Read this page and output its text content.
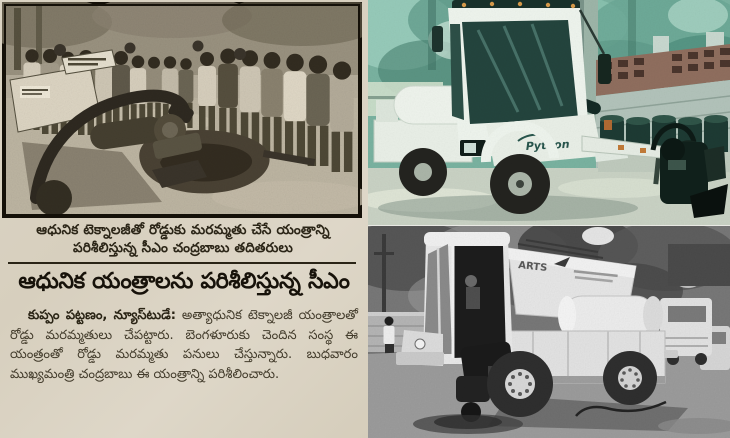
ఆధునిక టెక్నాలజీతో రోడ్డుకు మరమ్మతు చేసే యంత్రాన్ని
పరిశీలిస్తున్న సీఎం చంద్రబాబు తదితరులు
ఆధునిక యంత్రాలను పరిశీలిస్తున్న సీఎం
కుప్పం పట్టణం, న్యూస్‌టుడే: అత్యాధునిక టెక్నాలజీ యంత్రాలతో రోడ్డు మరమ్మతులు చేపట్టారు. బెంగళూరుకు చెందిన సంస్థ ఈ యంత్రంతో రోడ్డు మరమ్మతు పనులు చేస్తున్నారు. బుధవారం ముఖ్యమంత్రి చంద్రబాబు ఈ యంత్రాన్ని పరిశీలించారు.
Python
ARTS
